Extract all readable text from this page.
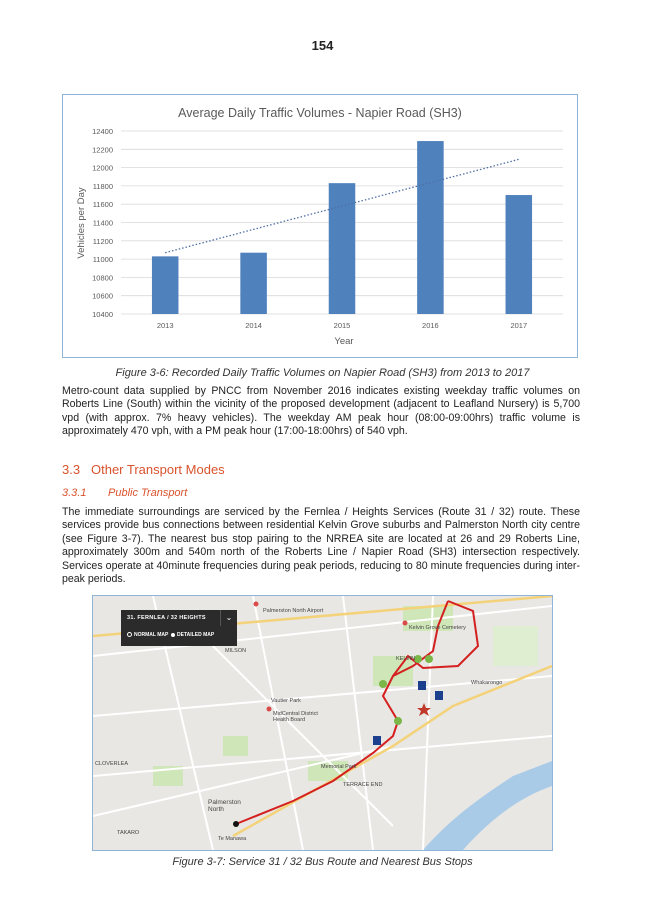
154
Average Daily Traffic Volumes - Napier Road (SH3)
10400
10600
10800
11000
11200
11400
11600
11800
12000
12200
12400
2013	2014	2015	2016	2017
Year
Vehicles per Day
Figure 3-6: Recorded Daily Traffic Volumes on Napier Road (SH3) from 2013 to 2017
Metro-count data supplied by PNCC from November 2016 indicates existing weekday traffic volumes on Roberts Line (South) within the vicinity of the proposed development (adjacent to Leafland Nursery) is 5,700 vpd (with approx. 7% heavy vehicles). The weekday AM peak hour (08:00-09:00hrs) traffic volume is approximately 470 vph, with a PM peak hour (17:00-18:00hrs) of 540 vph.
3.3 Other Transport Modes
3.3.1 Public Transport
The immediate surroundings are serviced by the Fernlea / Heights Services (Route 31 / 32) route. These services provide bus connections between residential Kelvin Grove suburbs and Palmerston North city centre (see Figure 3-7). The nearest bus stop pairing to the NRREA site are located at 26 and 29 Roberts Line, approximately 300m and 540m north of the Roberts Line / Napier Road (SH3) intersection respectively. Services operate at 40minute frequencies during peak periods, reducing to 80 minute frequencies during inter-peak periods.
31. FERNLEA / 32 HEIGHTS	⌄
NORMAL MAP DETAILED MAP
Palmerston North Airport
Kelvin Grove Cemetery
MILSON
KELVIN
Whakarongo
Vautier Park
MidCentral District Health Board
CLOVERLEA	Memorial Park
TERRACE END
Palmerston North
TAKARO
Te Manawa
Figure 3-7: Service 31 / 32 Bus Route and Nearest Bus Stops
